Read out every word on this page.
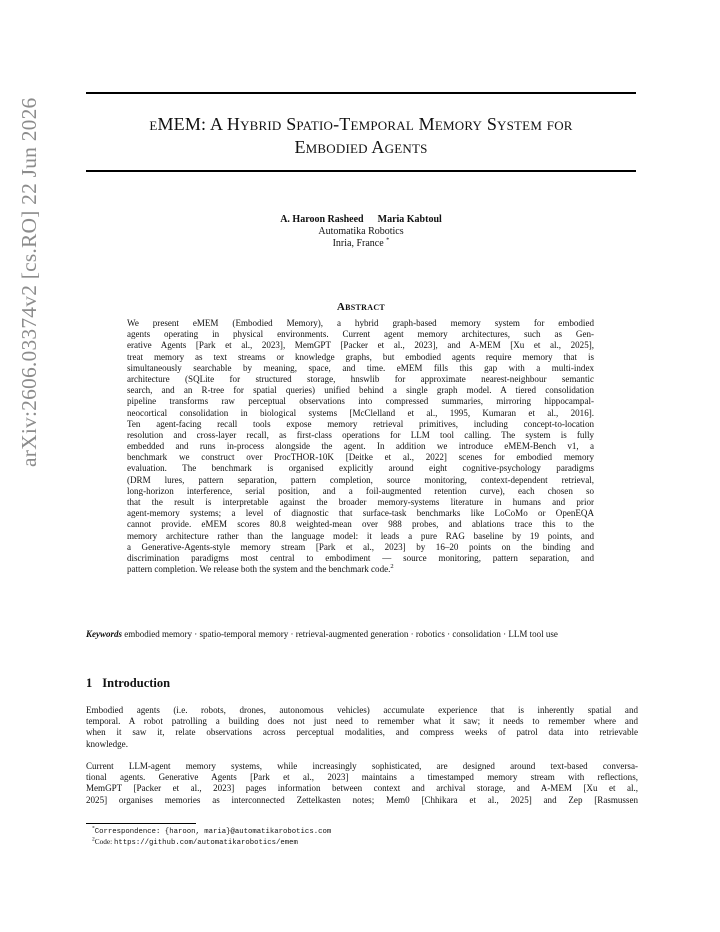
arXiv:2606.03374v2 [cs.RO] 22 Jun 2026	eMEM: A Hybrid Spatio-Temporal Memory System for
Embodied Agents
A. Haroon Rasheed Maria Kabtoul
Automatika Robotics
Inria, France *
Abstract
We present eMEM (Embodied Memory), a hybrid graph-based memory system for embodied
agents operating in physical environments. Current agent memory architectures, such as Gen-
erative Agents [Park et al., 2023], MemGPT [Packer et al., 2023], and A-MEM [Xu et al., 2025],
treat memory as text streams or knowledge graphs, but embodied agents require memory that is
simultaneously searchable by meaning, space, and time. eMEM fills this gap with a multi-index
architecture (SQLite for structured storage, hnswlib for approximate nearest-neighbour semantic
search, and an R-tree for spatial queries) unified behind a single graph model. A tiered consolidation
pipeline transforms raw perceptual observations into compressed summaries, mirroring hippocampal-
neocortical consolidation in biological systems [McClelland et al., 1995, Kumaran et al., 2016].
Ten agent-facing recall tools expose memory retrieval primitives, including concept-to-location
resolution and cross-layer recall, as first-class operations for LLM tool calling. The system is fully
embedded and runs in-process alongside the agent. In addition we introduce eMEM-Bench v1, a
benchmark we construct over ProcTHOR-10K [Deitke et al., 2022] scenes for embodied memory
evaluation. The benchmark is organised explicitly around eight cognitive-psychology paradigms
(DRM lures, pattern separation, pattern completion, source monitoring, context-dependent retrieval,
long-horizon interference, serial position, and a foil-augmented retention curve), each chosen so
that the result is interpretable against the broader memory-systems literature in humans and prior
agent-memory systems; a level of diagnostic that surface-task benchmarks like LoCoMo or OpenEQA
cannot provide. eMEM scores 80.8 weighted-mean over 988 probes, and ablations trace this to the
memory architecture rather than the language model: it leads a pure RAG baseline by 19 points, and
a Generative-Agents-style memory stream [Park et al., 2023] by 16–20 points on the binding and
discrimination paradigms most central to embodiment — source monitoring, pattern separation, and
pattern completion. We release both the system and the benchmark code.$^2$
Keywords embodied memory · spatio-temporal memory · retrieval-augmented generation · robotics · consolidation · LLM tool use
1 Introduction
Embodied agents (i.e. robots, drones, autonomous vehicles) accumulate experience that is inherently spatial and
temporal. A robot patrolling a building does not just need to remember what it saw; it needs to remember where and
when it saw it, relate observations across perceptual modalities, and compress weeks of patrol data into retrievable
knowledge.
Current LLM-agent memory systems, while increasingly sophisticated, are designed around text-based conversa-
tional agents. Generative Agents [Park et al., 2023] maintains a timestamped memory stream with reflections,
MemGPT [Packer et al., 2023] pages information between context and archival storage, and A-MEM [Xu et al.,
2025] organises memories as interconnected Zettelkasten notes; Mem0 [Chhikara et al., 2025] and Zep [Rasmussen
*Correspondence: {haroon, maria}@automatikarobotics.com
$^2$Code: https://github.com/automatikarobotics/emem
